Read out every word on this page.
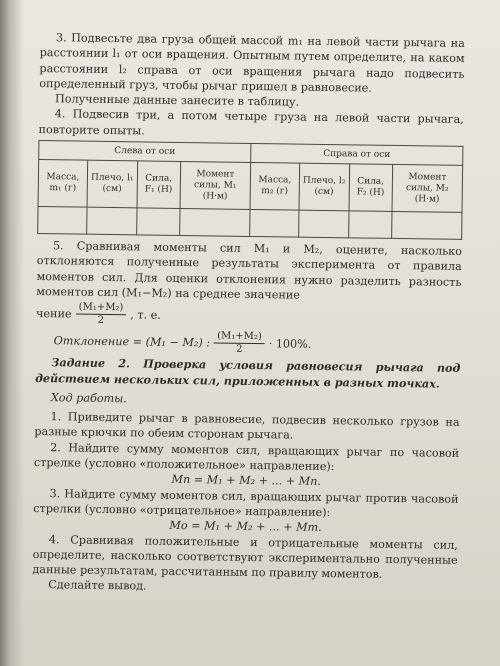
3. Подвесьте два груза общей массой m₁ на левой части рычага на расстоянии l₁ от оси вращения. Опытным путем определите, на каком расстоянии l₂ справа от оси вращения рычага надо подвесить определенный груз, чтобы рычаг пришел в равновесие.

Полученные данные занесите в таблицу.

4. Подвесив три, а потом четыре груза на левой части рычага, повторите опыты.

Слева от оси				Справа от оси			
Масса, m₁ (г)	Плечо, l₁ (см)	Сила, F₁ (Н)	Момент силы, M₁ (Н·м)	Масса, m₂ (г)	Плечо, l₂ (см)	Сила, F₂ (Н)	Момент силы, M₂ (Н·м)

5. Сравнивая моменты сил M₁ и M₂, оцените, насколько отклоняются полученные результаты эксперимента от правила моментов сил. Для оценки отклонения нужно разделить разность моментов сил (M₁−M₂) на среднее значение

чение $\frac{\text{(M₁+M₂)}}{2}$ , т. е.
Отклонение = (M₁ − M₂) : $\frac{\text{(M₁+M₂)}}{2} \cdot 100\%$.

Задание 2. Проверка условия равновесия рычага под действием нескольких сил, приложенных в разных точках.

Ход работы.

1. Приведите рычаг в равновесие, подвесив несколько грузов на разные крючки по обеим сторонам рычага.

2. Найдите сумму моментов сил, вращающих рычаг по часовой стрелке (условно «положительное» направление):

Mп = M₁ + M₂ + ... + Mn.

3. Найдите сумму моментов сил, вращающих рычаг против часовой стрелки (условно «отрицательное» направление):

Mо = M₁ + M₂ + ... + Mm.

4. Сравнивая положительные и отрицательные моменты сил, определите, насколько соответствуют экспериментально полученные данные результатам, рассчитанным по правилу моментов.

Сделайте вывод.
